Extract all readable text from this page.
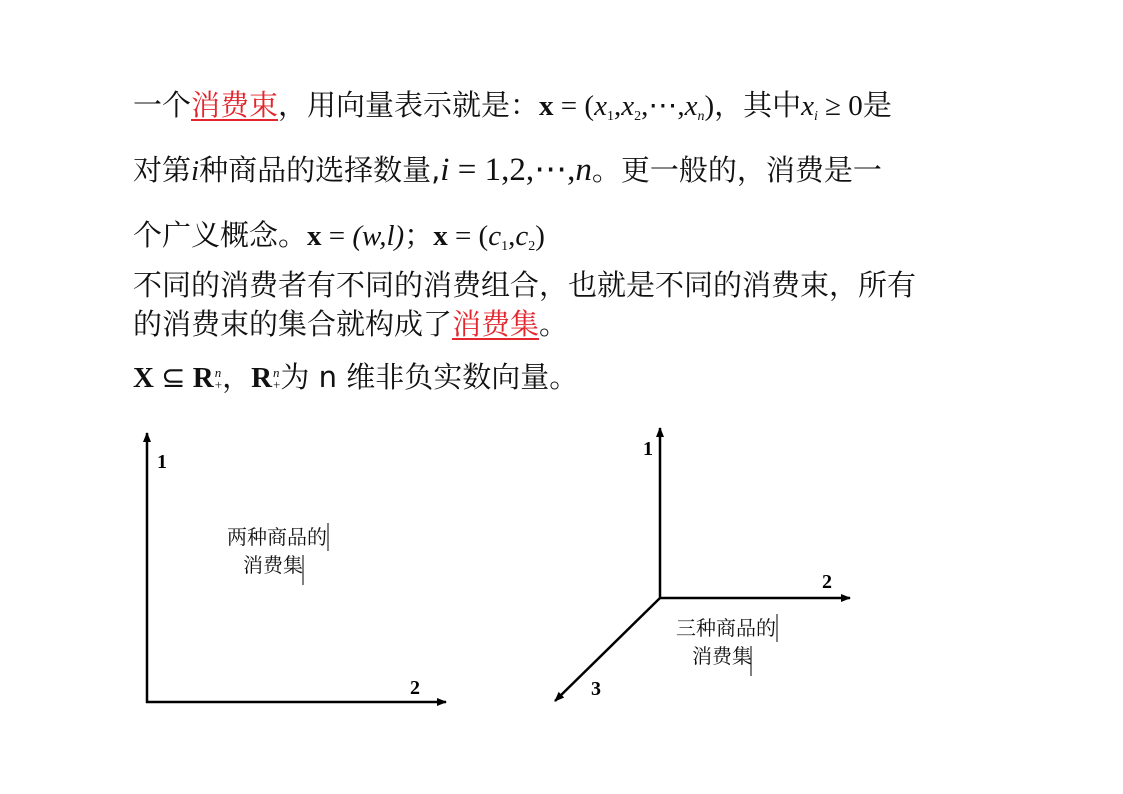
一个消费束，用向量表示就是：$x = (x_1,x_2,\cdots,x_n)$，其中$x_i \ge 0$是
对第i种商品的选择数量,i = 1,2,⋯,n。更一般的，消费是一
个广义概念。x = (w,l)；$x = (c_1,c_2)$
不同的消费者有不同的消费组合，也就是不同的消费束，所有
的消费束的集合就构成了消费集。
X ⊆ Rn
+，Rn
+为 n 维非负实数向量。
1
2
1
2
3
两种商品的
消费集
三种商品的
消费集
